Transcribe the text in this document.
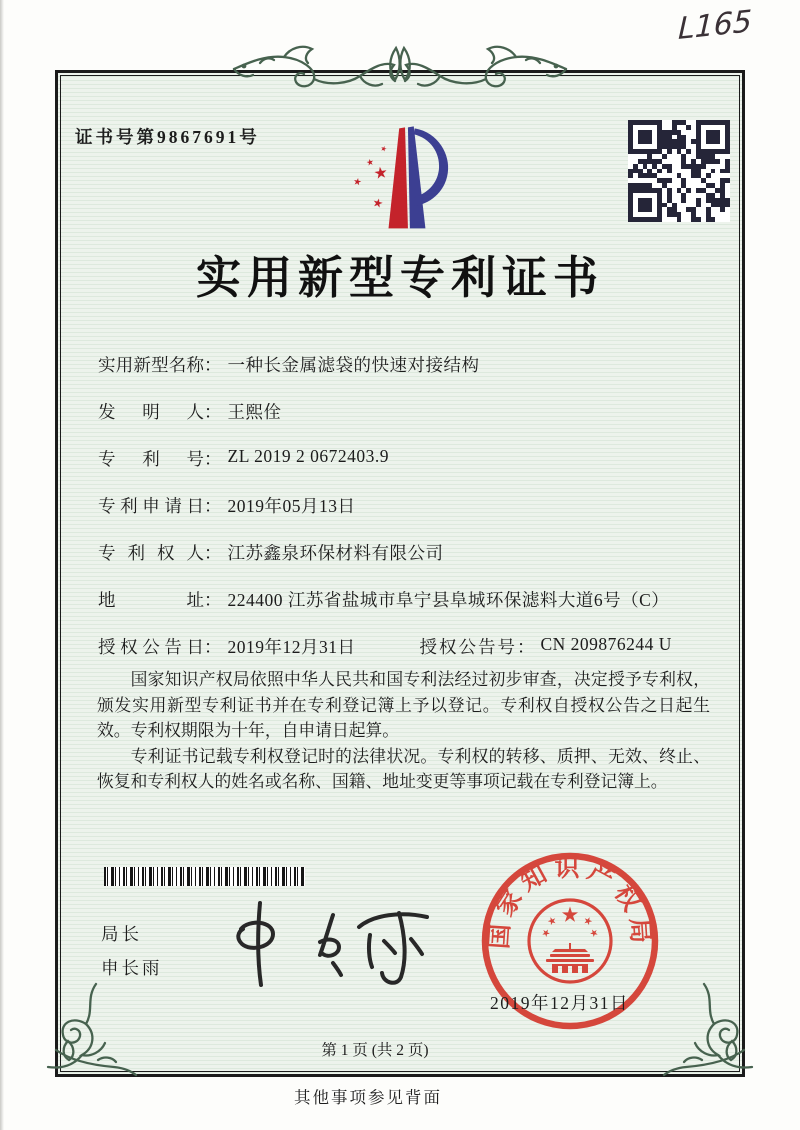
L165
证书号第9867691号
实用新型专利证书
实用新型名称： 一种长金属滤袋的快速对接结构
发明人： 王熙佺
专利号： ZL 2019 2 0672403.9
专利申请日： 2019年05月13日
专利权人： 江苏鑫泉环保材料有限公司
地址： 224400 江苏省盐城市阜宁县阜城环保滤料大道6号（C）
授权公告日： 2019年12月31日	授权公告号： CN 209876244 U

国家知识产权局依照中华人民共和国专利法经过初步审查，决定授予专利权，颁发实用新型专利证书并在专利登记簿上予以登记。专利权自授权公告之日起生效。专利权期限为十年，自申请日起算。

专利证书记载专利权登记时的法律状况。专利权的转移、质押、无效、终止、恢复和专利权人的姓名或名称、国籍、地址变更等事项记载在专利登记簿上。

局长
申长雨
国家知识产权局
2019年12月31日
第 1 页 (共 2 页)
其他事项参见背面
